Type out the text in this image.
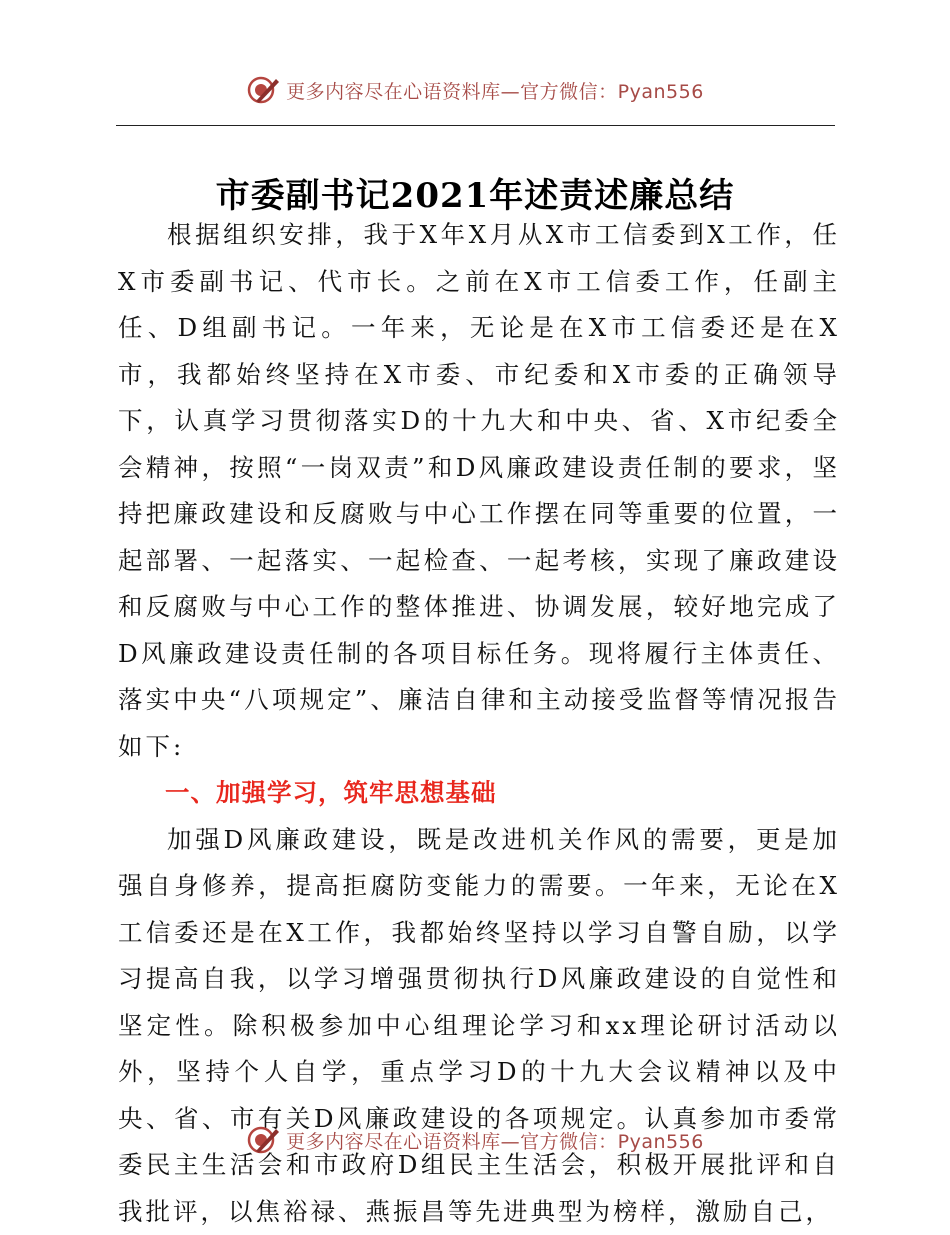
更多内容尽在心语资料库—官方微信：Pyan556
市委副书记2021年述责述廉总结

根据组织安排，我于X年X月从X市工信委到X工作，任X市委副书记、代市长。之前在X市工信委工作，任副主任、D组副书记。一年来，无论是在X市工信委还是在X市，我都始终坚持在X市委、市纪委和X市委的正确领导下，认真学习贯彻落实D的十九大和中央、省、X市纪委全会精神，按照“一岗双责”和D风廉政建设责任制的要求，坚持把廉政建设和反腐败与中心工作摆在同等重要的位置，一起部署、一起落实、一起检查、一起考核，实现了廉政建设和反腐败与中心工作的整体推进、协调发展，较好地完成了D风廉政建设责任制的各项目标任务。现将履行主体责任、落实中央“八项规定”、廉洁自律和主动接受监督等情况报告如下:

一、加强学习，筑牢思想基础

加强D风廉政建设，既是改进机关作风的需要，更是加强自身修养，提高拒腐防变能力的需要。一年来，无论在X工信委还是在X工作，我都始终坚持以学习自警自励，以学习提高自我，以学习增强贯彻执行D风廉政建设的自觉性和坚定性。除积极参加中心组理论学习和xx理论研讨活动以外，坚持个人自学，重点学习D的十九大会议精神以及中央、省、市有关D风廉政建设的各项规定。认真参加市委常委民主生活会和市政府D组民主生活会，积极开展批评和自我批评，以焦裕禄、燕振昌等先进典型为榜样，激励自己，

更多内容尽在心语资料库—官方微信：Pyan556
